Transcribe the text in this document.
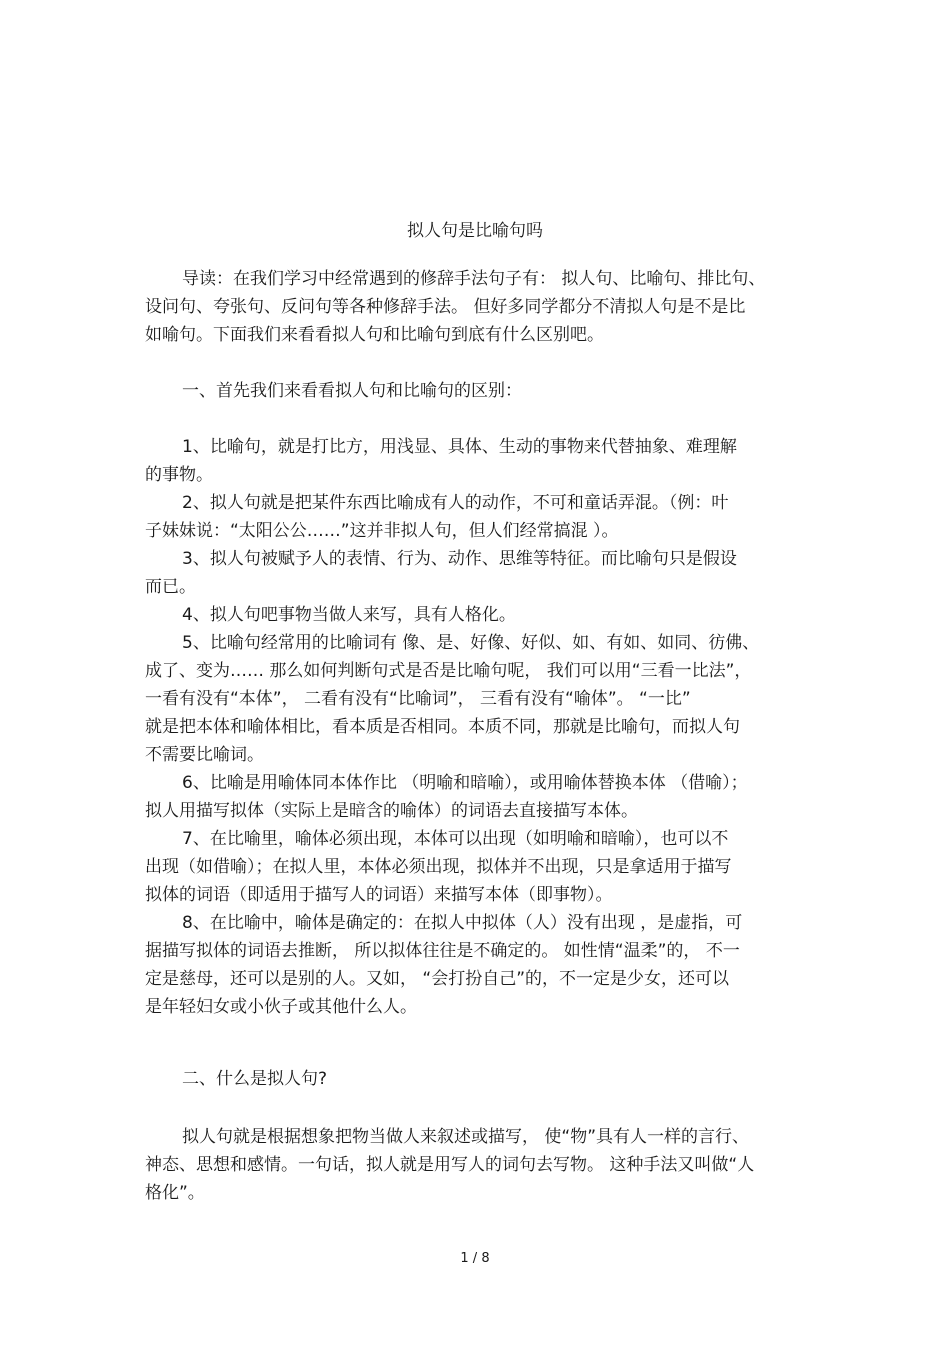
拟人句是比喻句吗
导读：在我们学习中经常遇到的修辞手法句子有： 拟人句、比喻句、排比句、
设问句、夸张句、反问句等各种修辞手法。 但好多同学都分不清拟人句是不是比
如喻句。下面我们来看看拟人句和比喻句到底有什么区别吧。
一、首先我们来看看拟人句和比喻句的区别：
1、比喻句，就是打比方，用浅显、具体、生动的事物来代替抽象、难理解
的事物。
2、拟人句就是把某件东西比喻成有人的动作，不可和童话弄混。（例：叶
子妹妹说：“太阳公公……”这并非拟人句，但人们经常搞混 ）。
3、拟人句被赋予人的表情、行为、动作、思维等特征。而比喻句只是假设
而已。
4、拟人句吧事物当做人来写，具有人格化。
5、比喻句经常用的比喻词有 像、是、好像、好似、如、有如、如同、彷佛、
成了、变为…… 那么如何判断句式是否是比喻句呢， 我们可以用“三看一比法”，
一看有没有“本体”， 二看有没有“比喻词”， 三看有没有“喻体”。 “一比”
就是把本体和喻体相比，看本质是否相同。本质不同，那就是比喻句，而拟人句
不需要比喻词。
6、比喻是用喻体同本体作比 （明喻和暗喻），或用喻体替换本体 （借喻）；
拟人用描写拟体（实际上是暗含的喻体）的词语去直接描写本体。
7、在比喻里，喻体必须出现，本体可以出现（如明喻和暗喻），也可以不
出现（如借喻）；在拟人里，本体必须出现，拟体并不出现，只是拿适用于描写
拟体的词语（即适用于描写人的词语）来描写本体（即事物）。
8、在比喻中，喻体是确定的：在拟人中拟体（人）没有出现 ，是虚指，可
据描写拟体的词语去推断， 所以拟体往往是不确定的。 如性情“温柔”的， 不一
定是慈母，还可以是别的人。又如， “会打扮自己”的，不一定是少女，还可以
是年轻妇女或小伙子或其他什么人。
二、什么是拟人句?
拟人句就是根据想象把物当做人来叙述或描写， 使“物”具有人一样的言行、
神态、思想和感情。一句话，拟人就是用写人的词句去写物。 这种手法又叫做“人
格化”。
1 / 8
